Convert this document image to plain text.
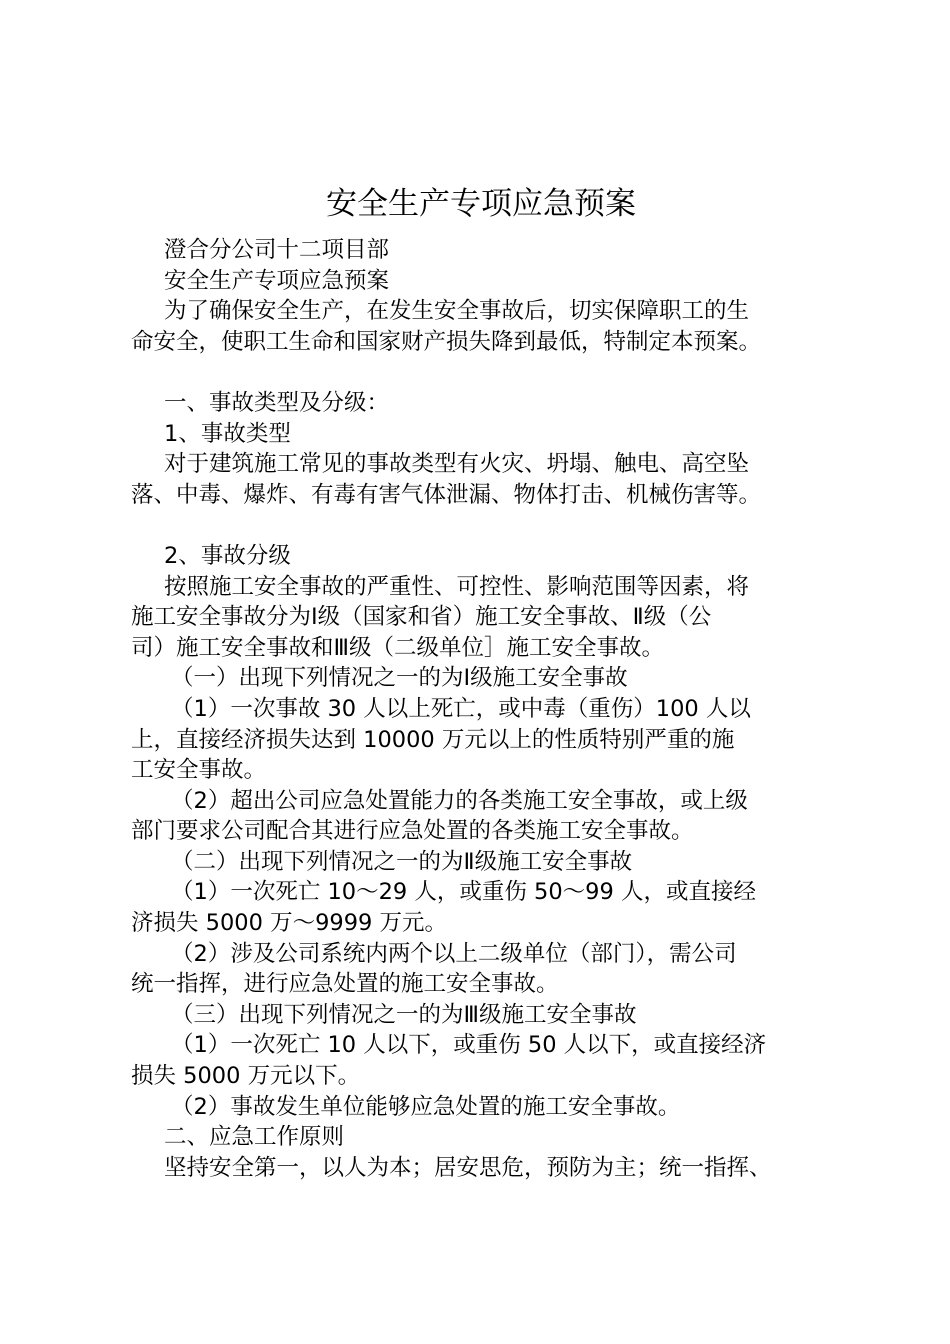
安全生产专项应急预案
澄合分公司十二项目部
安全生产专项应急预案
为了确保安全生产，在发生安全事故后，切实保障职工的生
命安全，使职工生命和国家财产损失降到最低，特制定本预案。
一、事故类型及分级：
1、事故类型
对于建筑施工常见的事故类型有火灾、坍塌、触电、高空坠
落、中毒、爆炸、有毒有害气体泄漏、物体打击、机械伤害等。
2、事故分级
按照施工安全事故的严重性、可控性、影响范围等因素，将
施工安全事故分为Ⅰ级（国家和省）施工安全事故、Ⅱ级（公
司）施工安全事故和Ⅲ级（二级单位］施工安全事故。
（一）出现下列情况之一的为Ⅰ级施工安全事故
（1）一次事故 30 人以上死亡，或中毒（重伤）100 人以
上，直接经济损失达到 10000 万元以上的性质特别严重的施
工安全事故。
（2）超出公司应急处置能力的各类施工安全事故，或上级
部门要求公司配合其进行应急处置的各类施工安全事故。
（二）出现下列情况之一的为Ⅱ级施工安全事故
（1）一次死亡 10～29 人，或重伤 50～99 人，或直接经
济损失 5000 万～9999 万元。
（2）涉及公司系统内两个以上二级单位（部门），需公司
统一指挥，进行应急处置的施工安全事故。
（三）出现下列情况之一的为Ⅲ级施工安全事故
（1）一次死亡 10 人以下，或重伤 50 人以下，或直接经济
损失 5000 万元以下。
（2）事故发生单位能够应急处置的施工安全事故。
二、应急工作原则
坚持安全第一，以人为本；居安思危，预防为主；统一指挥、
